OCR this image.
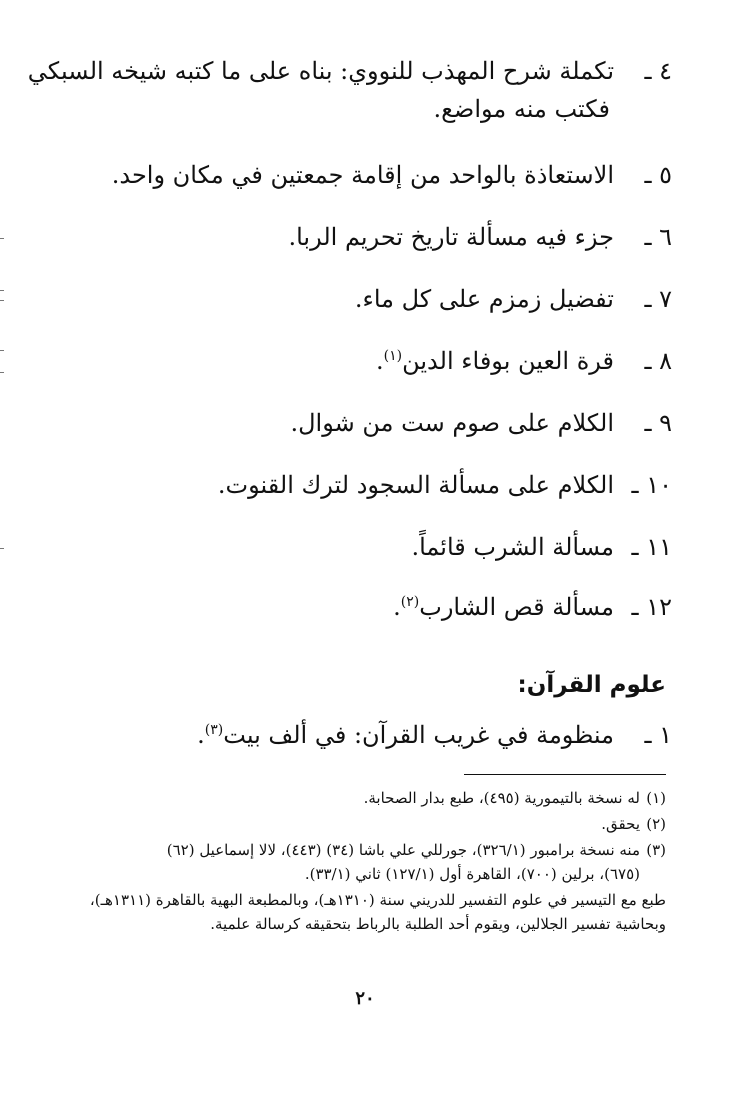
٤ ـتكملة شرح المهذب للنووي: بناه على ما كتبه شيخه السبكي
فكتب منه مواضع.
٥ ـالاستعاذة بالواحد من إقامة جمعتين في مكان واحد.
٦ ـجزء فيه مسألة تاريخ تحريم الربا.
٧ ـتفضيل زمزم على كل ماء.
٨ ـقرة العين بوفاء الدين$^{(١)}$.
٩ ـالكلام على صوم ست من شوال.
١٠ ـالكلام على مسألة السجود لترك القنوت.
١١ ـمسألة الشرب قائماً.
١٢ ـمسألة قص الشارب$^{(٢)}$.
علوم القرآن:
١ ـمنظومة في غريب القرآن: في ألف بيت$^{(٣)}$.
(١)له نسخة بالتيمورية (٤٩٥)، طبع بدار الصحابة.
(٢)يحقق.
(٣)منه نسخة برامبور (٣٢٦/١)، جورللي علي باشا (٣٤) (٤٤٣)، لالا إسماعيل (٦٢)
(٦٧٥)، برلين (٧٠٠)، القاهرة أول (١٢٧/١) ثاني (٣٣/١).
طبع مع التيسير في علوم التفسير للدريني سنة (١٣١٠هـ)، وبالمطبعة البهية بالقاهرة (١٣١١هـ)، وبحاشية تفسير الجلالين، ويقوم أحد الطلبة بالرباط بتحقيقه كرسالة علمية.
٢٠
